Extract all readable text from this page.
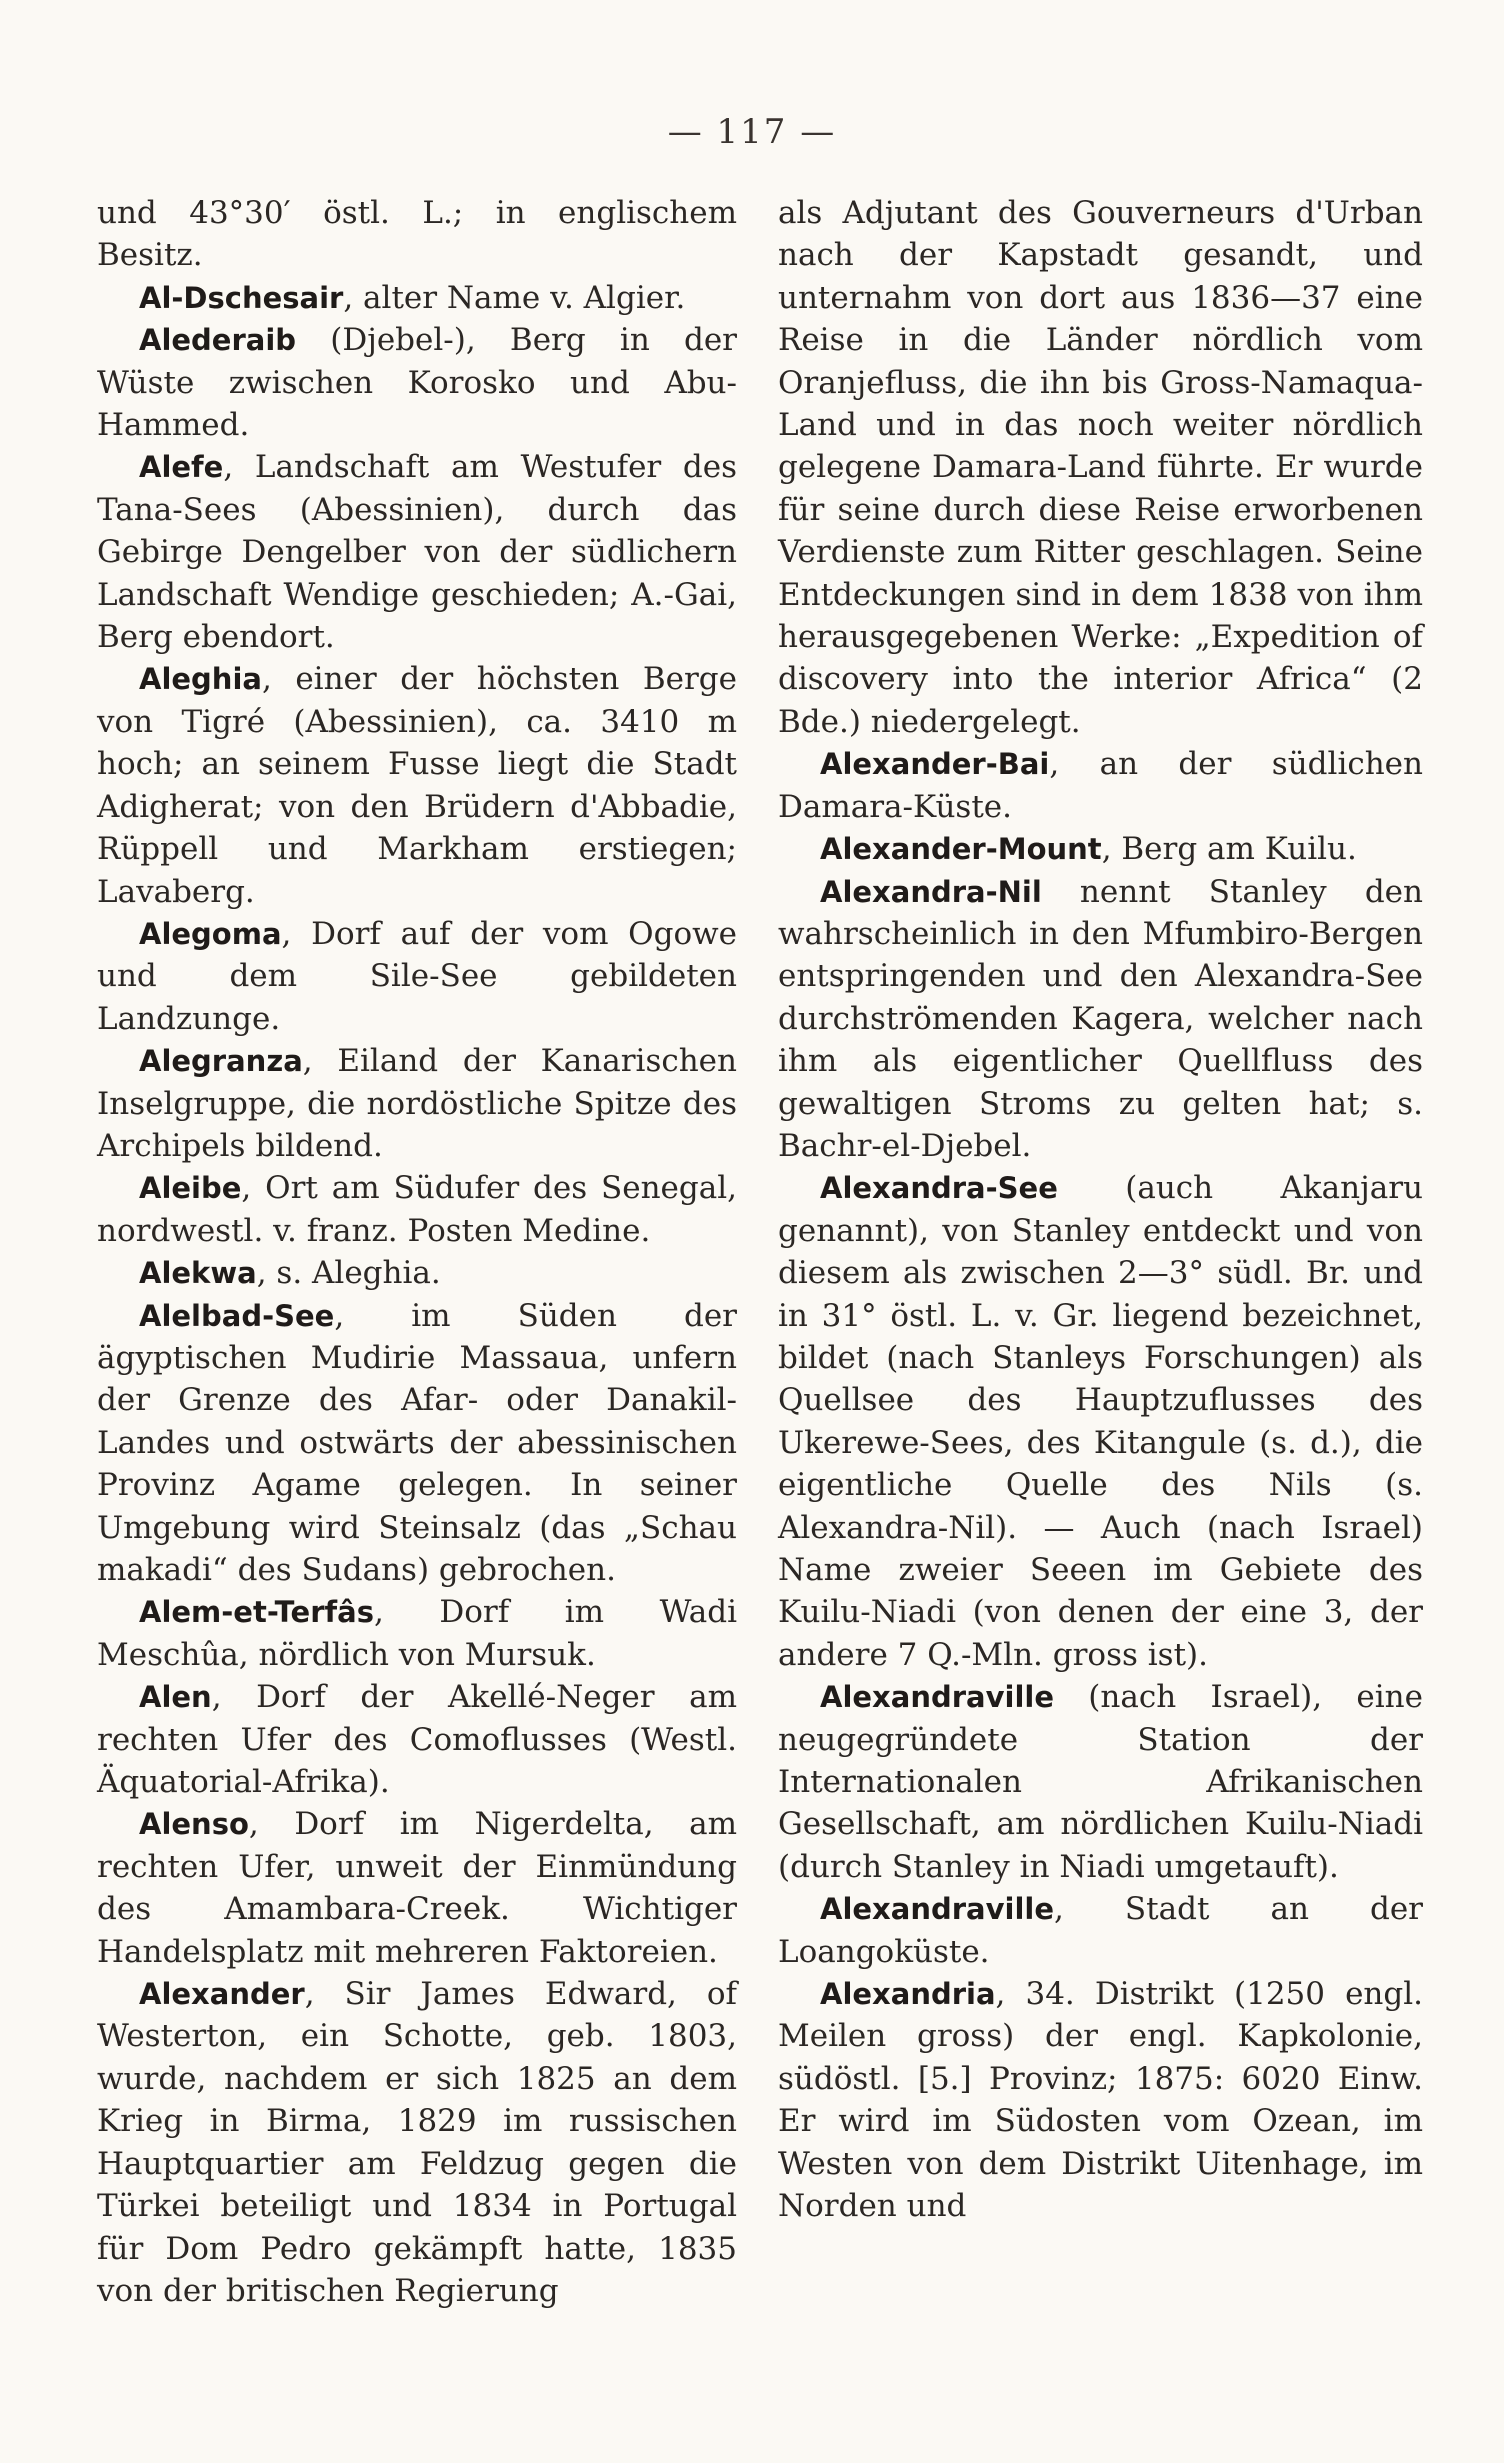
— 117 —

und 43°30′ östl. L.; in englischem Besitz.

Al-Dschesair, alter Name v. Algier.

Alederaib (Djebel-), Berg in der Wüste zwischen Korosko und Abu-Hammed.

Alefe, Landschaft am Westufer des Tana-Sees (Abessinien), durch das Gebirge Dengelber von der südlichern Landschaft Wendige geschieden; A.-Gai, Berg ebendort.

Aleghia, einer der höchsten Berge von Tigré (Abessinien), ca. 3410 m hoch; an seinem Fusse liegt die Stadt Adigherat; von den Brüdern d'Abbadie, Rüppell und Markham erstiegen; Lavaberg.

Alegoma, Dorf auf der vom Ogowe und dem Sile-See gebildeten Landzunge.

Alegranza, Eiland der Kanarischen Inselgruppe, die nordöstliche Spitze des Archipels bildend.

Aleibe, Ort am Südufer des Senegal, nordwestl. v. franz. Posten Medine.

Alekwa, s. Aleghia.

Alelbad-See, im Süden der ägyptischen Mudirie Massaua, unfern der Grenze des Afar- oder Danakil-Landes und ostwärts der abessinischen Provinz Agame gelegen. In seiner Umgebung wird Steinsalz (das „Schau makadi“ des Sudans) gebrochen.

Alem-et-Terfâs, Dorf im Wadi Meschûa, nördlich von Mursuk.

Alen, Dorf der Akellé-Neger am rechten Ufer des Comoflusses (Westl. Äquatorial-Afrika).

Alenso, Dorf im Nigerdelta, am rechten Ufer, unweit der Einmündung des Amambara-Creek. Wichtiger Handelsplatz mit mehreren Faktoreien.

Alexander, Sir James Edward, of Westerton, ein Schotte, geb. 1803, wurde, nachdem er sich 1825 an dem Krieg in Birma, 1829 im russischen Hauptquartier am Feldzug gegen die Türkei beteiligt und 1834 in Portugal für Dom Pedro gekämpft hatte, 1835 von der britischen Regierung

als Adjutant des Gouverneurs d'Urban nach der Kapstadt gesandt, und unternahm von dort aus 1836—37 eine Reise in die Länder nördlich vom Oranjefluss, die ihn bis Gross-Namaqua-Land und in das noch weiter nördlich gelegene Damara-Land führte. Er wurde für seine durch diese Reise erworbenen Verdienste zum Ritter geschlagen. Seine Entdeckungen sind in dem 1838 von ihm herausgegebenen Werke: „Expedition of discovery into the interior Africa“ (2 Bde.) niedergelegt.

Alexander-Bai, an der südlichen Damara-Küste.

Alexander-Mount, Berg am Kuilu.

Alexandra-Nil nennt Stanley den wahrscheinlich in den Mfumbiro-Bergen entspringenden und den Alexandra-See durchströmenden Kagera, welcher nach ihm als eigentlicher Quellfluss des gewaltigen Stroms zu gelten hat; s. Bachr-el-Djebel.

Alexandra-See (auch Akanjaru genannt), von Stanley entdeckt und von diesem als zwischen 2—3° südl. Br. und in 31° östl. L. v. Gr. liegend bezeichnet, bildet (nach Stanleys Forschungen) als Quellsee des Hauptzuflusses des Ukerewe-Sees, des Kitangule (s. d.), die eigentliche Quelle des Nils (s. Alexandra-Nil). — Auch (nach Israel) Name zweier Seeen im Gebiete des Kuilu-Niadi (von denen der eine 3, der andere 7 Q.-Mln. gross ist).

Alexandraville (nach Israel), eine neugegründete Station der Internationalen Afrikanischen Gesellschaft, am nördlichen Kuilu-Niadi (durch Stanley in Niadi umgetauft).

Alexandraville, Stadt an der Loangoküste.

Alexandria, 34. Distrikt (1250 engl. Meilen gross) der engl. Kapkolonie, südöstl. [5.] Provinz; 1875: 6020 Einw. Er wird im Südosten vom Ozean, im Westen von dem Distrikt Uitenhage, im Norden und
